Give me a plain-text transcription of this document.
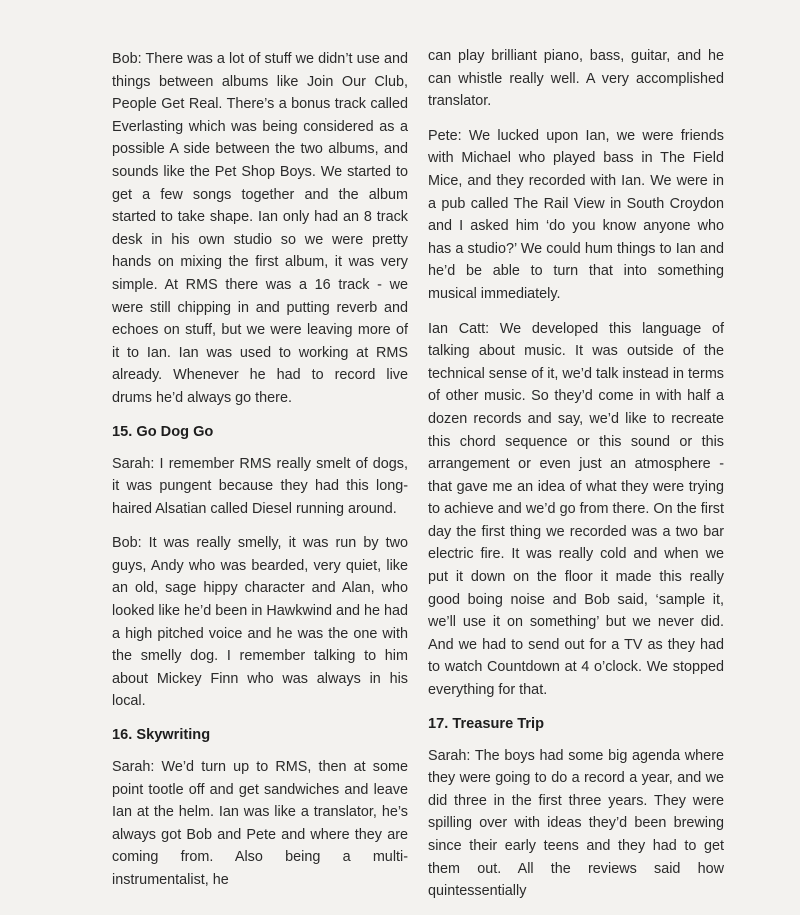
Bob: There was a lot of stuff we didn’t use and things between albums like Join Our Club, People Get Real. There’s a bonus track called Everlasting which was being considered as a possible A side between the two albums, and sounds like the Pet Shop Boys. We started to get a few songs together and the album started to take shape. Ian only had an 8 track desk in his own studio so we were pretty hands on mixing the first album, it was very simple. At RMS there was a 16 track - we were still chipping in and putting reverb and echoes on stuff, but we were leaving more of it to Ian. Ian was used to working at RMS already. Whenever he had to record live drums he’d always go there.

15. Go Dog Go

Sarah: I remember RMS really smelt of dogs, it was pungent because they had this long-haired Alsatian called Diesel running around.

Bob: It was really smelly, it was run by two guys, Andy who was bearded, very quiet, like an old, sage hippy character and Alan, who looked like he’d been in Hawkwind and he had a high pitched voice and he was the one with the smelly dog. I remember talking to him about Mickey Finn who was always in his local.

16. Skywriting

Sarah: We’d turn up to RMS, then at some point tootle off and get sandwiches and leave Ian at the helm. Ian was like a translator, he’s always got Bob and Pete and where they are coming from. Also being a multi-instrumentalist, he

can play brilliant piano, bass, guitar, and he can whistle really well. A very accomplished translator.

Pete: We lucked upon Ian, we were friends with Michael who played bass in The Field Mice, and they recorded with Ian. We were in a pub called The Rail View in South Croydon and I asked him ‘do you know anyone who has a studio?’ We could hum things to Ian and he’d be able to turn that into something musical immediately.

Ian Catt: We developed this language of talking about music. It was outside of the technical sense of it, we’d talk instead in terms of other music. So they’d come in with half a dozen records and say, we’d like to recreate this chord sequence or this sound or this arrangement or even just an atmosphere - that gave me an idea of what they were trying to achieve and we’d go from there. On the first day the first thing we recorded was a two bar electric fire. It was really cold and when we put it down on the floor it made this really good boing noise and Bob said, ‘sample it, we’ll use it on something’ but we never did. And we had to send out for a TV as they had to watch Countdown at 4 o’clock. We stopped everything for that.

17. Treasure Trip

Sarah: The boys had some big agenda where they were going to do a record a year, and we did three in the first three years. They were spilling over with ideas they’d been brewing since their early teens and they had to get them out. All the reviews said how quintessentially
